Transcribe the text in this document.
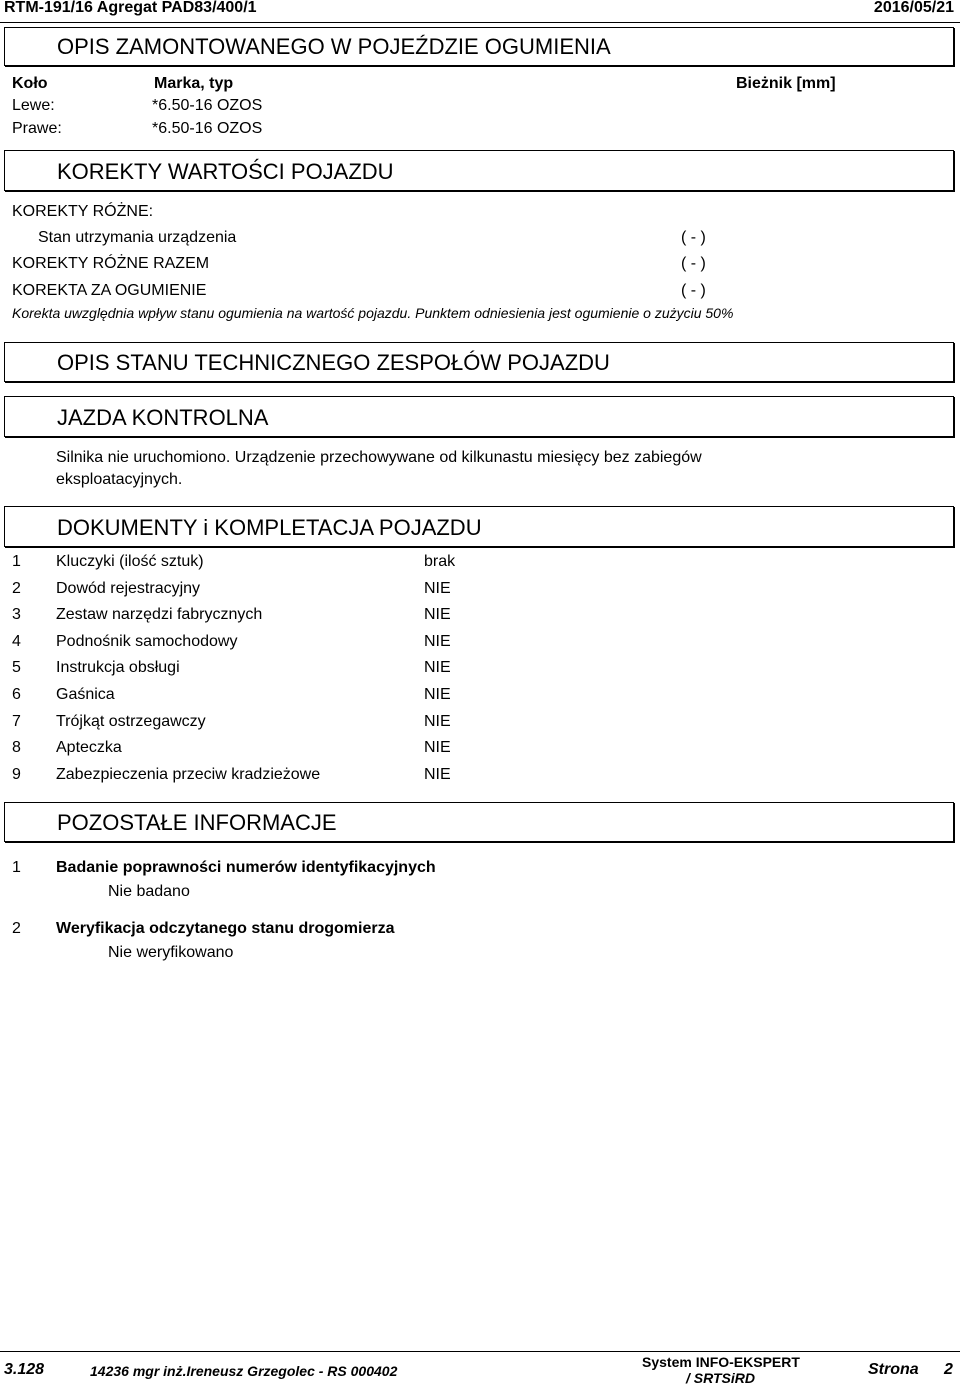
RTM-191/16 Agregat PAD83/400/1	2016/05/21
OPIS ZAMONTOWANEGO W POJEŹDZIE OGUMIENIA
Koło	Marka, typ	Bieżnik [mm]
Lewe:	*6.50-16 OZOS
Prawe:	*6.50-16 OZOS
KOREKTY WARTOŚCI POJAZDU
KOREKTY RÓŻNE:
Stan utrzymania urządzenia	( - )
KOREKTY RÓŻNE RAZEM	( - )
KOREKTA ZA OGUMIENIE	( - )
Korekta uwzględnia wpływ stanu ogumienia na wartość pojazdu. Punktem odniesienia jest ogumienie o zużyciu 50%
OPIS STANU TECHNICZNEGO ZESPOŁÓW POJAZDU
JAZDA KONTROLNA
Silnika nie uruchomiono. Urządzenie przechowywane od kilkunastu miesięcy bez zabiegów
eksploatacyjnych.
DOKUMENTY i KOMPLETACJA POJAZDU
1 Kluczyki (ilość sztuk)	brak
2 Dowód rejestracyjny	NIE
3 Zestaw narzędzi fabrycznych	NIE
4 Podnośnik samochodowy	NIE
5 Instrukcja obsługi	NIE
6 Gaśnica	NIE
7 Trójkąt ostrzegawczy	NIE
8 Apteczka	NIE
9 Zabezpieczenia przeciw kradzieżowe	NIE
POZOSTAŁE INFORMACJE
1 Badanie poprawności numerów identyfikacyjnych
Nie badano
2 Weryfikacja odczytanego stanu drogomierza
Nie weryfikowano
3.128	14236 mgr inż.Ireneusz Grzegolec - RS 000402
System INFO-EKSPERT
/ SRTSiRD	Strona 2
